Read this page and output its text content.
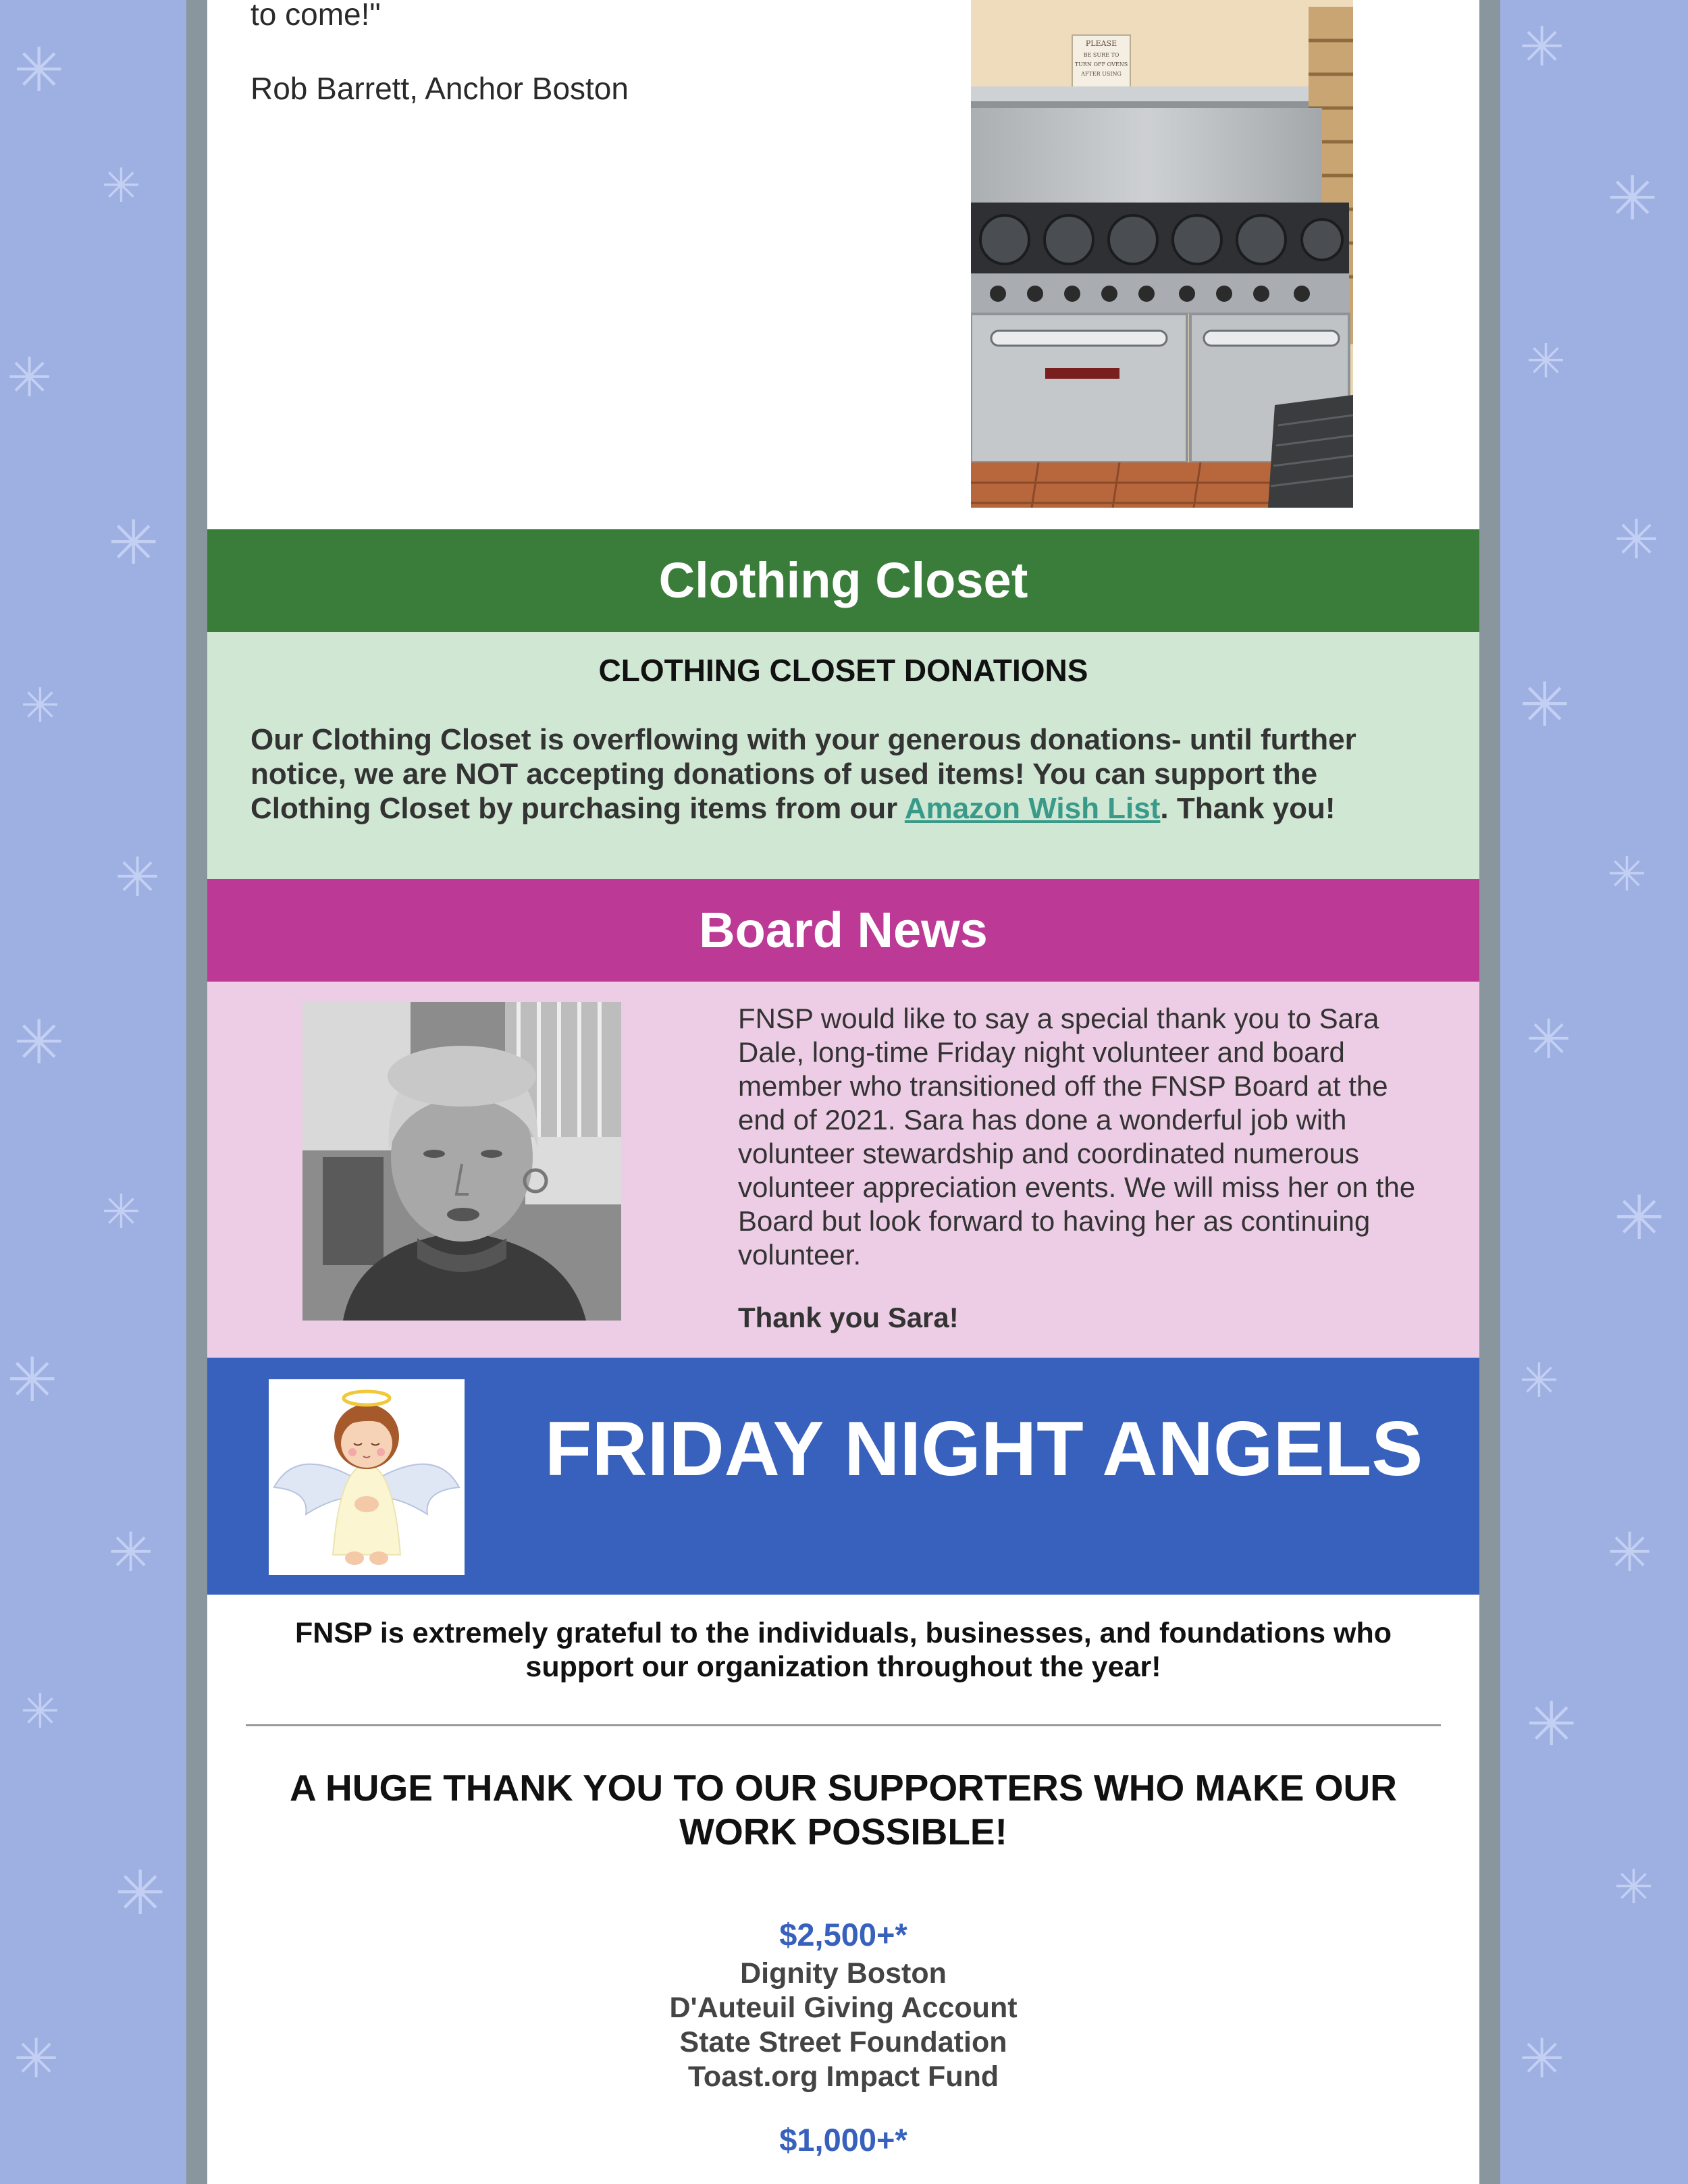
✳
✳
✳
✳
✳
✳
✳
✳
✳
✳
✳
✳
✳
✳
✳
✳
✳
✳
✳
✳
✳
✳
✳
✳
✳
✳
to come!"
Rob Barrett, Anchor Boston
PLEASE
BE SURE TO
TURN OFF OVENS
AFTER USING
Clothing Closet
CLOTHING CLOSET DONATIONS
Our Clothing Closet is overflowing with your generous donations- until further notice, we are NOT accepting donations of used items! You can support the Clothing Closet by purchasing items from our Amazon Wish List. Thank you!
Board News
FNSP would like to say a special thank you to Sara Dale, long-time Friday night volunteer and board member who transitioned off the FNSP Board at the end of 2021. Sara has done a wonderful job with volunteer stewardship and coordinated numerous volunteer appreciation events. We will miss her on the Board but look forward to having her as continuing volunteer.
Thank you Sara!
FRIDAY NIGHT ANGELS
FNSP is extremely grateful to the individuals, businesses, and foundations who support our organization throughout the year!
A HUGE THANK YOU TO OUR SUPPORTERS WHO MAKE OUR WORK POSSIBLE!
$2,500+*
Dignity Boston
D'Auteuil Giving Account
State Street Foundation
Toast.org Impact Fund
$1,000+*
